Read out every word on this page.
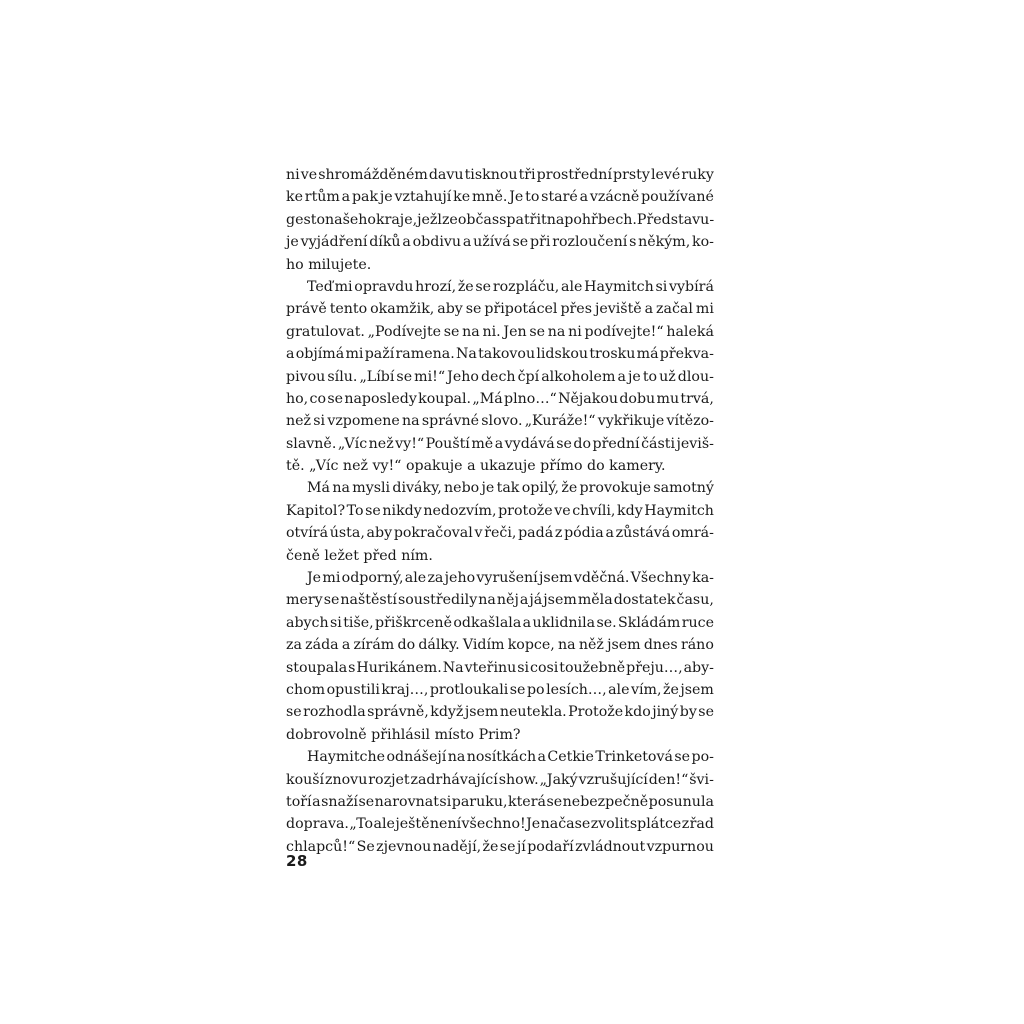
ni ve shromážděném davu tisknou tři prostřední prsty levé ruky
ke rtům a pak je vztahují ke mně. Je to staré a vzácně používané
gesto našeho kraje, jež lze občas spatřit na pohřbech. Představu-
je vyjádření díků a obdivu a užívá se při rozloučení s někým, ko-
ho milujete.
Teď mi opravdu hrozí, že se rozpláču, ale Haymitch si vybírá
právě tento okamžik, aby se připotácel přes jeviště a začal mi
gratulovat. „Podívejte se na ni. Jen se na ni podívejte!“ haleká
a objímá mi paží ramena. Na takovou lidskou trosku má překva-
pivou sílu. „Líbí se mi!“ Jeho dech čpí alkoholem a je to už dlou-
ho, co se naposledy koupal. „Má plno…“ Nějakou dobu mu trvá,
než si vzpomene na správné slovo. „Kuráže!“ vykřikuje vítězo-
slavně. „Víc než vy!“ Pouští mě a vydává se do přední části jeviš-
tě. „Víc než vy!“ opakuje a ukazuje přímo do kamery.
Má na mysli diváky, nebo je tak opilý, že provokuje samotný
Kapitol? To se nikdy nedozvím, protože ve chvíli, kdy Haymitch
otvírá ústa, aby pokračoval v řeči, padá z pódia a zůstává omrá-
čeně ležet před ním.
Je mi odporný, ale za jeho vyrušení jsem vděčná. Všechny ka-
mery se naštěstí soustředily na něj a já jsem měla dostatek času,
abych si tiše, přiškrceně odkašlala a uklidnila se. Skládám ruce
za záda a zírám do dálky. Vidím kopce, na něž jsem dnes ráno
stoupala s Hurikánem. Na vteřinu si cosi toužebně přeju…, aby-
chom opustili kraj…, protloukali se po lesích…, ale vím, že jsem
se rozhodla správně, když jsem neutekla. Protože kdo jiný by se
dobrovolně přihlásil místo Prim?
Haymitche odnášejí na nosítkách a Cetkie Trinketová se po-
kouší znovu rozjet zadrhávající show. „Jaký vzrušující den!“ švi-
toří a snaží se narovnat si paruku, která se nebezpečně posunula
doprava. „To ale ještě není všechno! Je načase zvolit splátce z řad
chlapců!“ Se zjevnou nadějí, že se jí podaří zvládnout vzpurnou
28
